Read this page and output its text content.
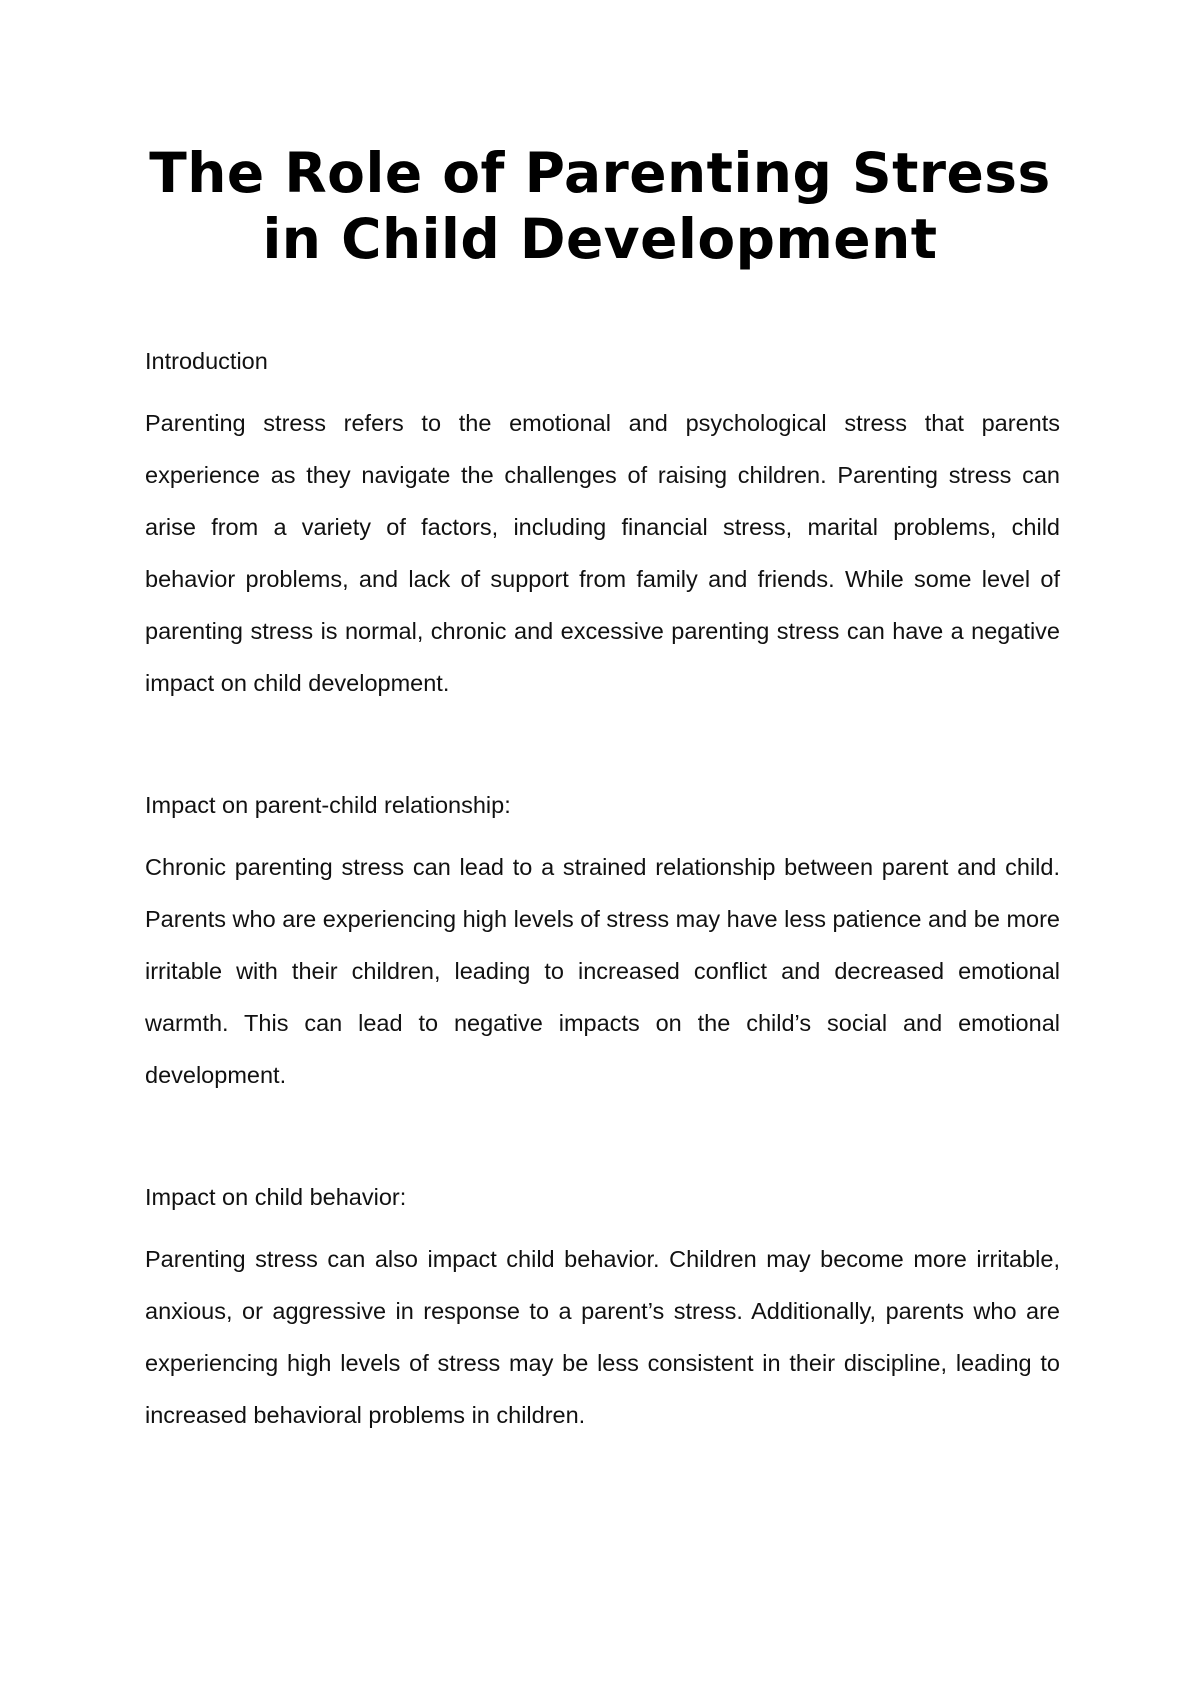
The Role of Parenting Stress
in Child Development
Introduction

Parenting stress refers to the emotional and psychological stress that parents experience as they navigate the challenges of raising children. Parenting stress can arise from a variety of factors, including financial stress, marital problems, child behavior problems, and lack of support from family and friends. While some level of parenting stress is normal, chronic and excessive parenting stress can have a negative impact on child development.

Impact on parent-child relationship:

Chronic parenting stress can lead to a strained relationship between parent and child. Parents who are experiencing high levels of stress may have less patience and be more irritable with their children, leading to increased conflict and decreased emotional warmth. This can lead to negative impacts on the child’s social and emotional development.

Impact on child behavior:

Parenting stress can also impact child behavior. Children may become more irritable, anxious, or aggressive in response to a parent’s stress. Additionally, parents who are experiencing high levels of stress may be less consistent in their discipline, leading to increased behavioral problems in children.
